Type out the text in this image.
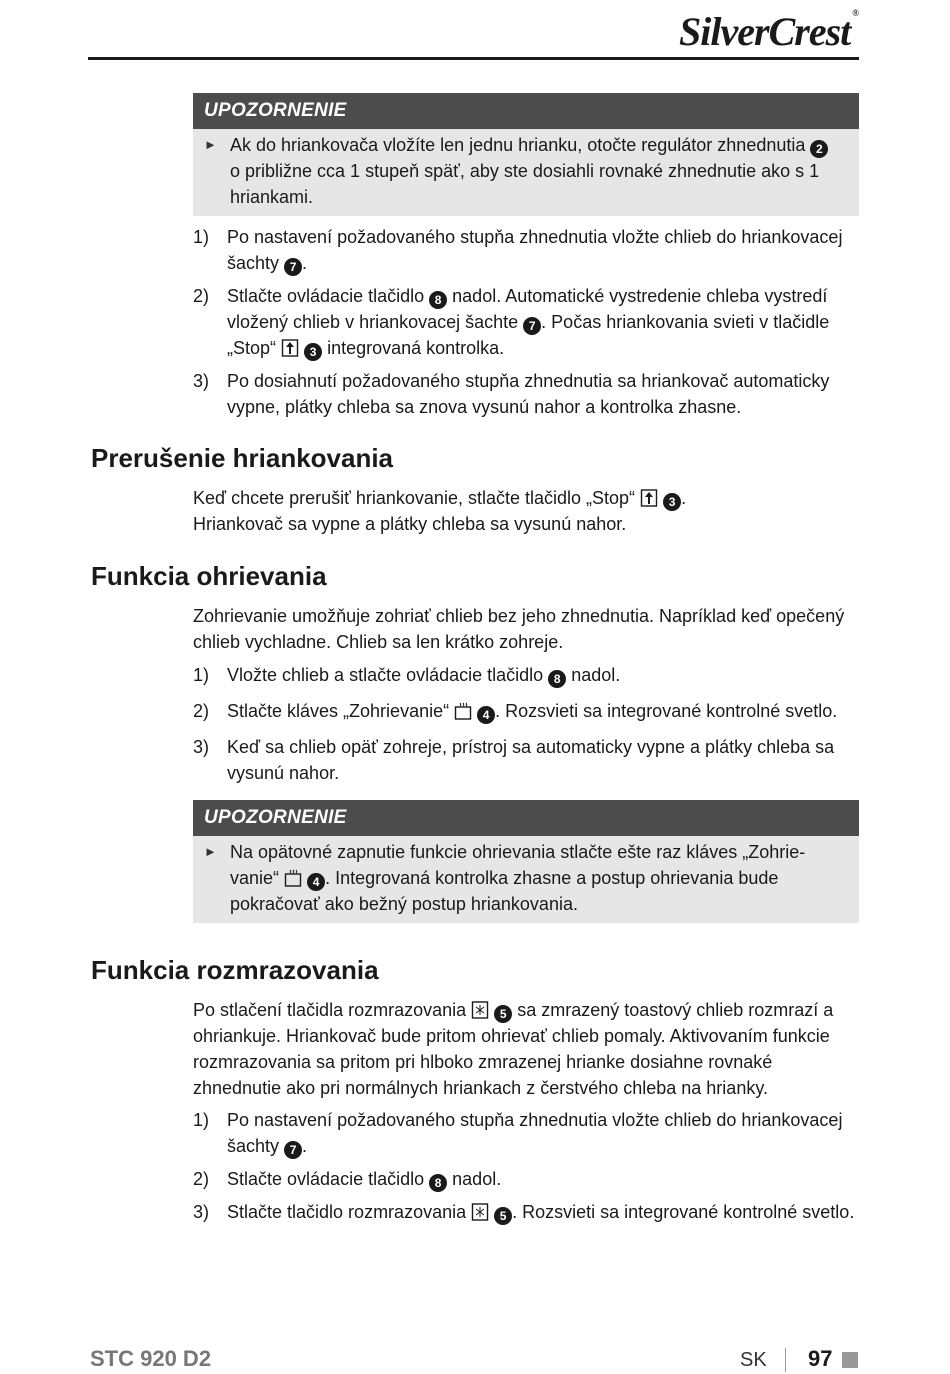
SilverCrest ®
UPOZORNENIE
► Ak do hriankovača vložíte len jednu hrianku, otočte regulátor zhnednutia 2 o približne cca 1 stupeň späť, aby ste dosiahli rovnaké zhnednutie ako s 1 hriankami.
1) Po nastavení požadovaného stupňa zhnednutia vložte chlieb do hriankovacej šachty 7 .
2) Stlačte ovládacie tlačidlo 8 nadol. Automatické vystredenie chleba vystredí vložený chlieb v hriankovacej šachte 7 . Počas hriankovania svieti v tlačidle „Stop“	3 integrovaná kontrolka.
3) Po dosiahnutí požadovaného stupňa zhnednutia sa hriankovač automaticky vypne, plátky chleba sa znova vysunú nahor a kontrolka zhasne.
Prerušenie hriankovania

Keď chcete prerušiť hriankovanie, stlačte tlačidlo „Stop“	3 .
Hriankovač sa vypne a plátky chleba sa vysunú nahor.

Funkcia ohrievania

Zohrievanie umožňuje zohriať chlieb bez jeho zhnednutia. Napríklad keď opečený chlieb vychladne. Chlieb sa len krátko zohreje.

1) Vložte chlieb a stlačte ovládacie tlačidlo 8 nadol.
2) Stlačte kláves „Zohrievanie“	4 . Rozsvieti sa integrované kontrolné svetlo.
3) Keď sa chlieb opäť zohreje, prístroj sa automaticky vypne a plátky chleba sa vysunú nahor.
UPOZORNENIE
► Na opätovné zapnutie funkcie ohrievania stlačte ešte raz kláves „Zohrie-vanie“	4 . Integrovaná kontrolka zhasne a postup ohrievania bude pokračovať ako bežný postup hriankovania.
Funkcia rozmrazovania

Po stlačení tlačidla rozmrazovania	5 sa zmrazený toastový chlieb rozmrazí a ohriankuje. Hriankovač bude pritom ohrievať chlieb pomaly. Aktivovaním funkcie rozmrazovania sa pritom pri hlboko zmrazenej hrianke dosiahne rovnaké zhnednutie ako pri normálnych hriankach z čerstvého chleba na hrianky.

1) Po nastavení požadovaného stupňa zhnednutia vložte chlieb do hriankovacej šachty 7 .
2) Stlačte ovládacie tlačidlo 8 nadol.
3) Stlačte tlačidlo rozmrazovania	5 . Rozsvieti sa integrované kontrolné svetlo.
STC 920 D2	SK 97
